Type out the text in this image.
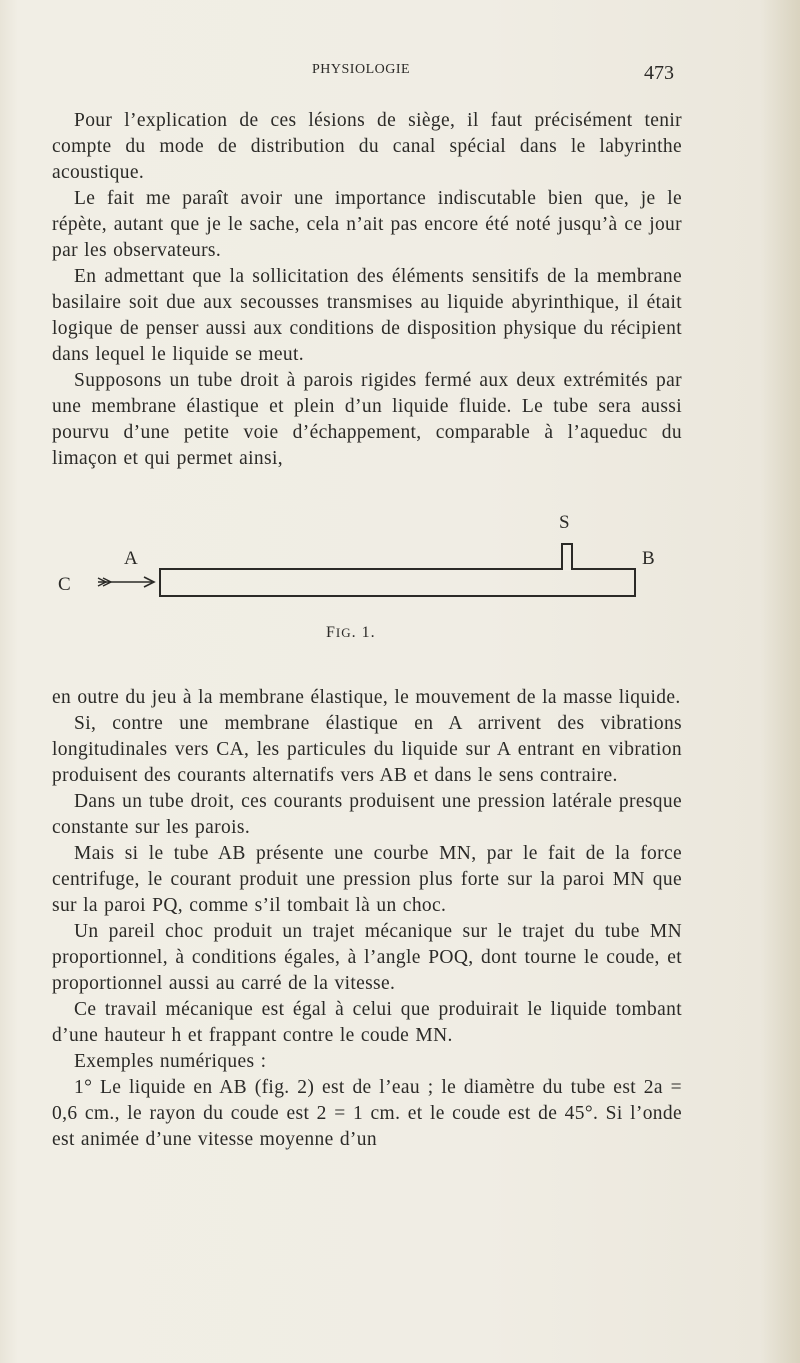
PHYSIOLOGIE	473

Pour l’explication de ces lésions de siège, il faut précisément tenir compte du mode de distribution du canal spécial dans le labyrinthe acoustique.

Le fait me paraît avoir une importance indiscutable bien que, je le répète, autant que je le sache, cela n’ait pas encore été noté jusqu’à ce jour par les observateurs.

En admettant que la sollicitation des éléments sensitifs de la membrane basilaire soit due aux secousses transmises au liquide abyrinthique, il était logique de penser aussi aux conditions de disposition physique du récipient dans lequel le liquide se meut.

Supposons un tube droit à parois rigides fermé aux deux extrémités par une membrane élastique et plein d’un liquide fluide. Le tube sera aussi pourvu d’une petite voie d’échappement, comparable à l’aqueduc du limaçon et qui permet ainsi,

S
A	B
C
FIG. 1.

en outre du jeu à la membrane élastique, le mouvement de la masse liquide.

Si, contre une membrane élastique en A arrivent des vibrations longitudinales vers CA, les particules du liquide sur A entrant en vibration produisent des courants alternatifs vers AB et dans le sens contraire.

Dans un tube droit, ces courants produisent une pression latérale presque constante sur les parois.

Mais si le tube AB présente une courbe MN, par le fait de la force centrifuge, le courant produit une pression plus forte sur la paroi MN que sur la paroi PQ, comme s’il tombait là un choc.

Un pareil choc produit un trajet mécanique sur le trajet du tube MN proportionnel, à conditions égales, à l’angle POQ, dont tourne le coude, et proportionnel aussi au carré de la vitesse.

Ce travail mécanique est égal à celui que produirait le liquide tombant d’une hauteur h et frappant contre le coude MN.

Exemples numériques :

1° Le liquide en AB (fig. 2) est de l’eau ; le diamètre du tube est 2a = 0,6 cm., le rayon du coude est 2 = 1 cm. et le coude est de 45°. Si l’onde est animée d’une vitesse moyenne d’un
